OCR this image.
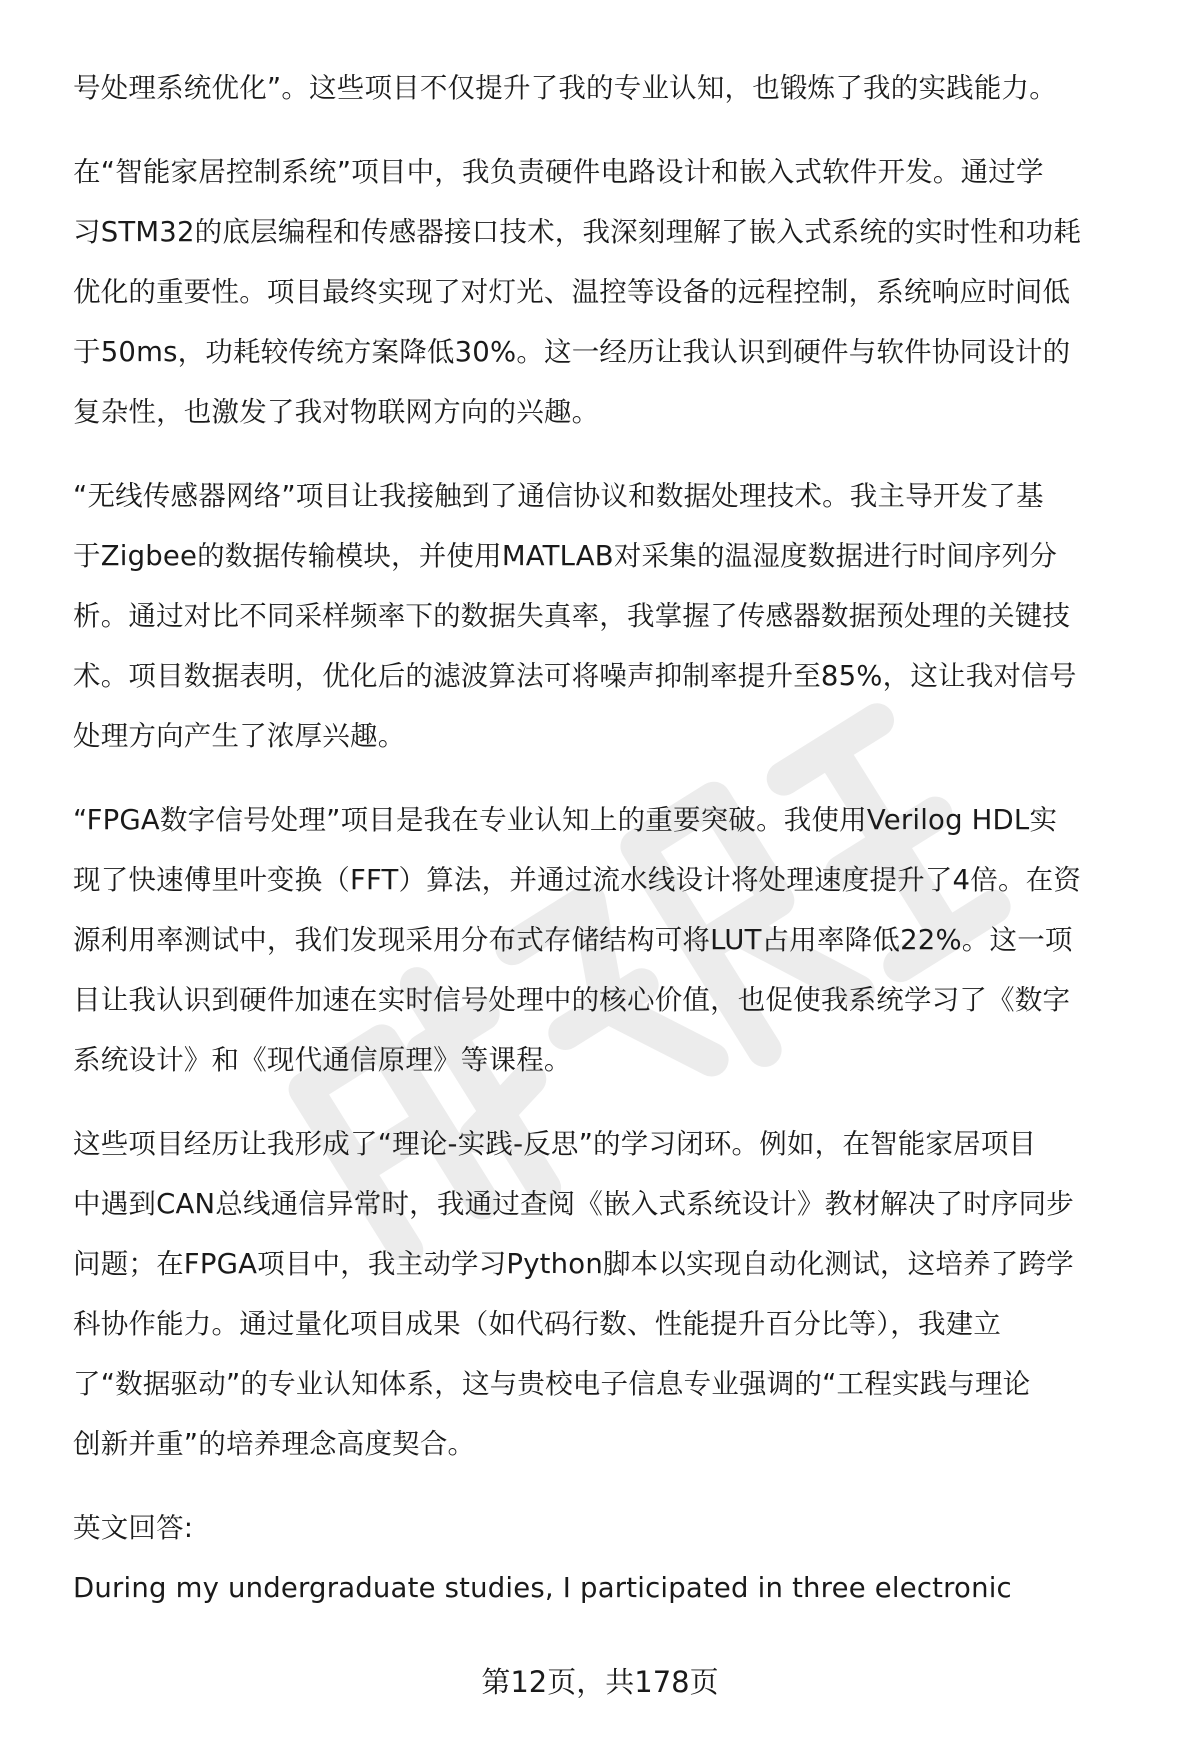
号处理系统优化”。这些项目不仅提升了我的专业认知，也锻炼了我的实践能力。
在“智能家居控制系统”项目中，我负责硬件电路设计和嵌入式软件开发。通过学
习STM32的底层编程和传感器接口技术，我深刻理解了嵌入式系统的实时性和功耗
优化的重要性。项目最终实现了对灯光、温控等设备的远程控制，系统响应时间低
于50ms，功耗较传统方案降低30%。这一经历让我认识到硬件与软件协同设计的
复杂性，也激发了我对物联网方向的兴趣。
“无线传感器网络”项目让我接触到了通信协议和数据处理技术。我主导开发了基
于Zigbee的数据传输模块，并使用MATLAB对采集的温湿度数据进行时间序列分
析。通过对比不同采样频率下的数据失真率，我掌握了传感器数据预处理的关键技
术。项目数据表明，优化后的滤波算法可将噪声抑制率提升至85%，这让我对信号
处理方向产生了浓厚兴趣。
“FPGA数字信号处理”项目是我在专业认知上的重要突破。我使用Verilog HDL实
现了快速傅里叶变换（FFT）算法，并通过流水线设计将处理速度提升了4倍。在资
源利用率测试中，我们发现采用分布式存储结构可将LUT占用率降低22%。这一项
目让我认识到硬件加速在实时信号处理中的核心价值，也促使我系统学习了《数字
系统设计》和《现代通信原理》等课程。
这些项目经历让我形成了“理论-实践-反思”的学习闭环。例如，在智能家居项目
中遇到CAN总线通信异常时，我通过查阅《嵌入式系统设计》教材解决了时序同步
问题；在FPGA项目中，我主动学习Python脚本以实现自动化测试，这培养了跨学
科协作能力。通过量化项目成果（如代码行数、性能提升百分比等），我建立
了“数据驱动”的专业认知体系，这与贵校电子信息专业强调的“工程实践与理论
创新并重”的培养理念高度契合。
英文回答:
During my undergraduate studies, I participated in three electronic
第12页，共178页
